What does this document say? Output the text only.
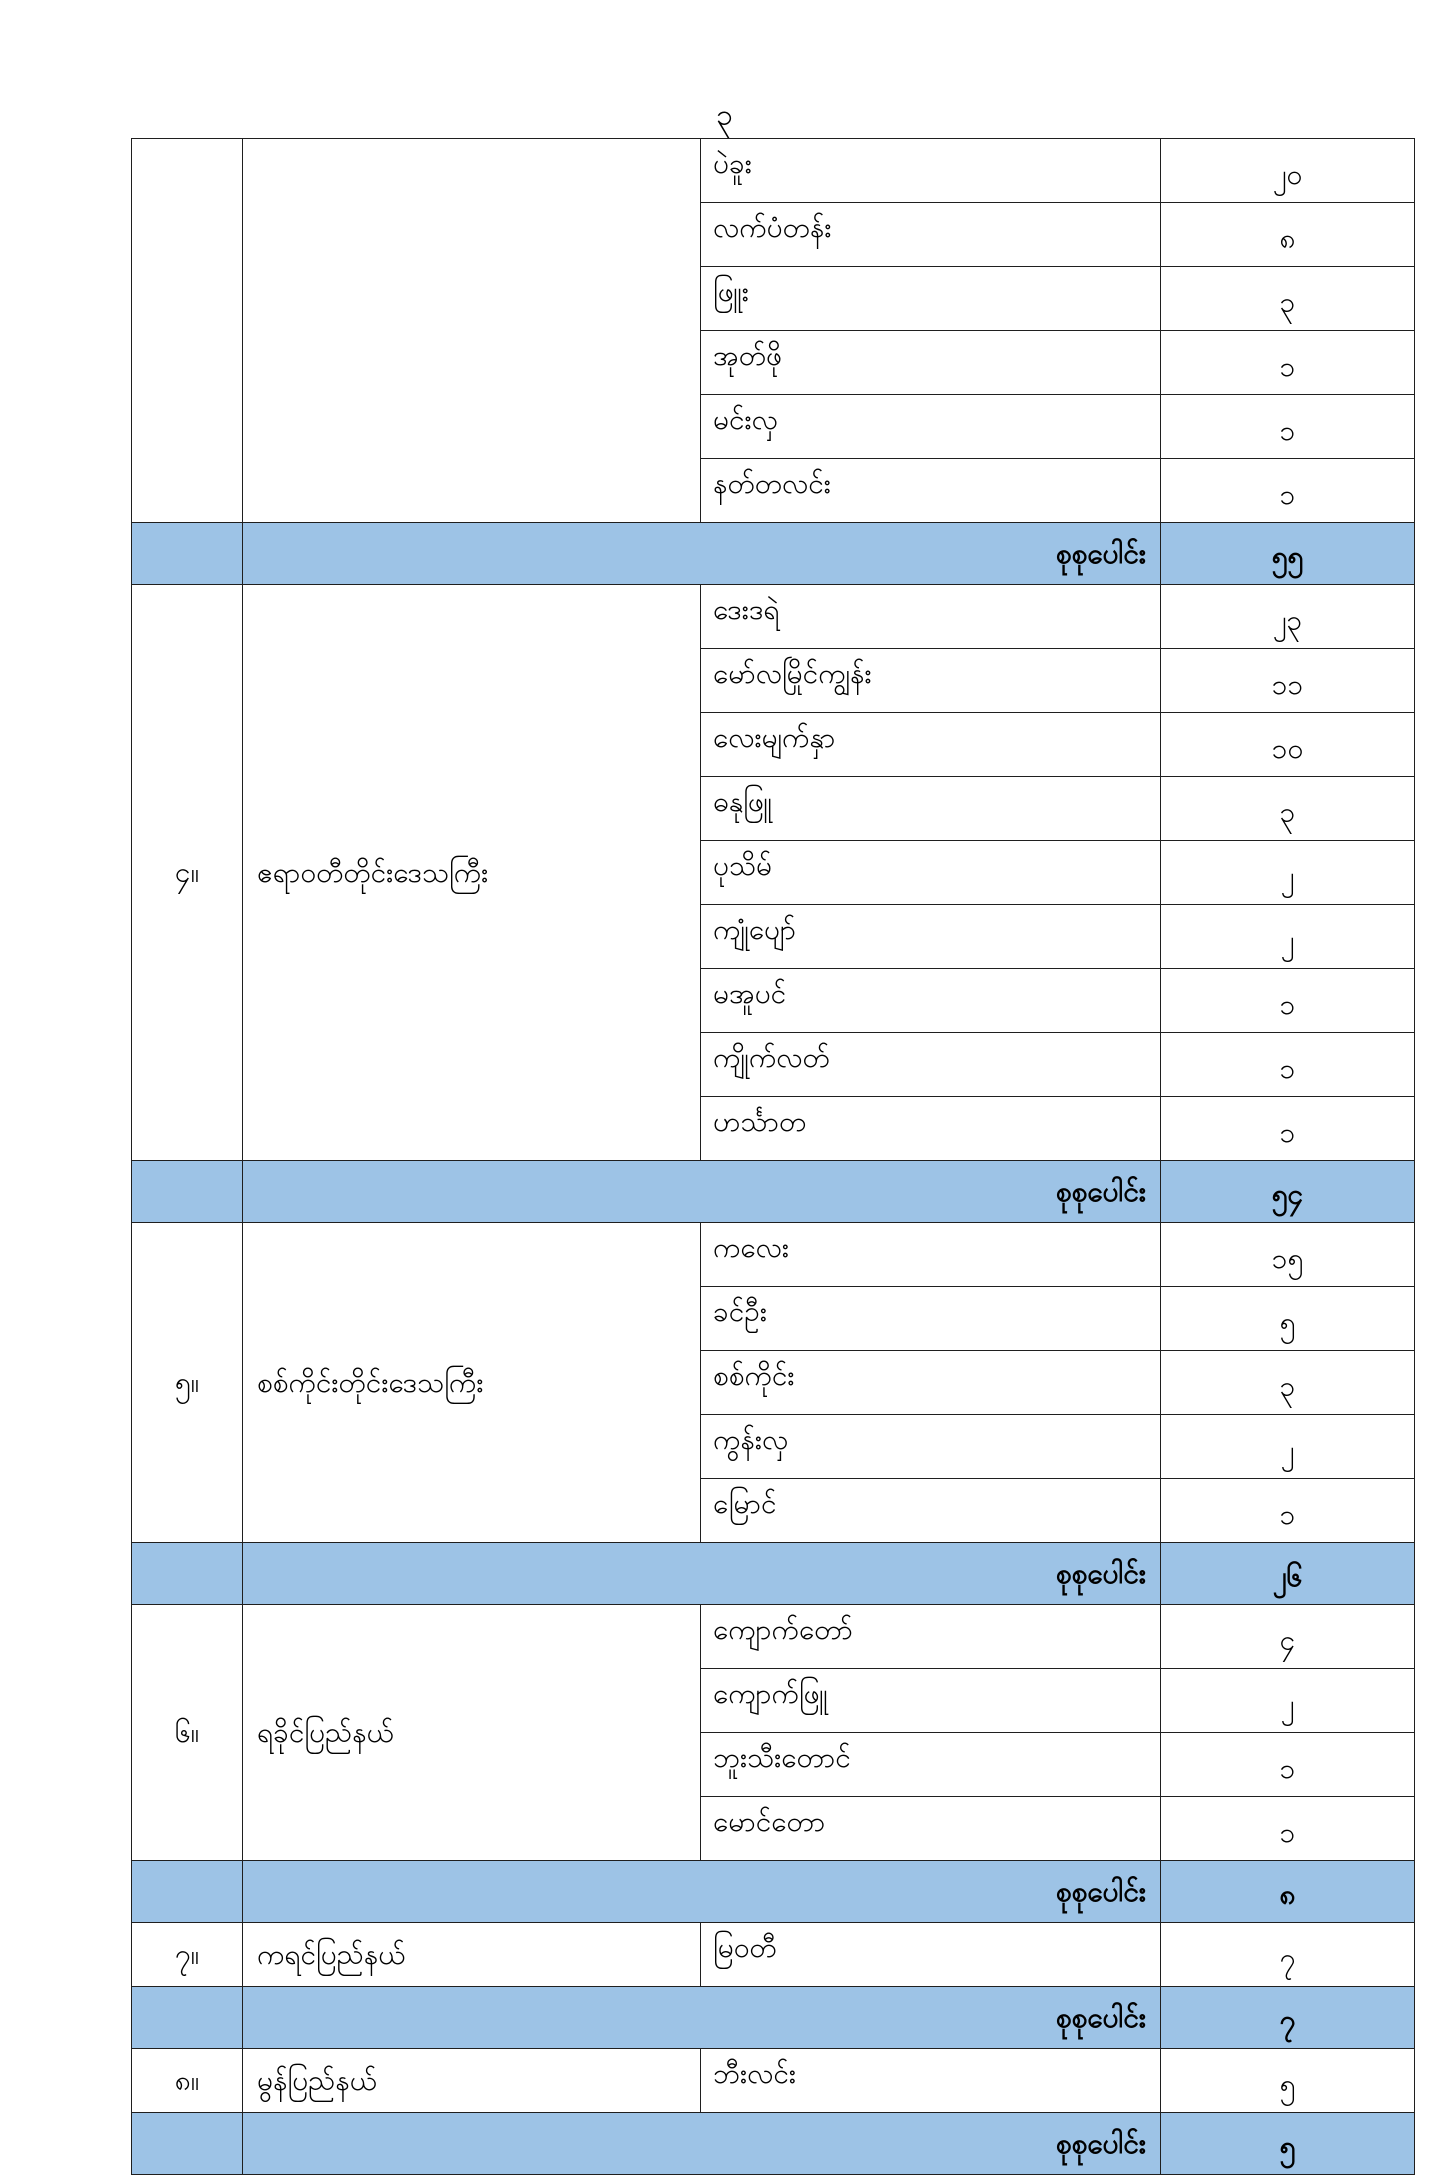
၃

		ပဲခူး	၂၀

		လက်ပံတန်း	၈

		ဖြူး	၃

		အုတ်ဖို	၁

		မင်းလှ	၁

		နတ်တလင်း	၁
	စုစုပေါင်း		၅၅
၄။	ဧရာဝတီတိုင်းဒေသကြီး	ဒေးဒရဲ	၂၃

		မော်လမြိုင်ကျွန်း	၁၁

		လေးမျက်နှာ	၁၀

		ဓနုဖြူ	၃

		ပုသိမ်	၂

		ကျုံပျော်	၂

		မအူပင်	၁

		ကျိုက်လတ်	၁

		ဟင်္သာတ	၁
	စုစုပေါင်း		၅၄
၅။	စစ်ကိုင်းတိုင်းဒေသကြီး	ကလေး	၁၅

		ခင်ဦး	၅

		စစ်ကိုင်း	၃

		ကွန်းလှ	၂

		မြောင်	၁
	စုစုပေါင်း		၂၆
၆။	ရခိုင်ပြည်နယ်	ကျောက်တော်	၄

		ကျောက်ဖြူ	၂

		ဘူးသီးတောင်	၁

		မောင်တော	၁
	စုစုပေါင်း		၈
၇။	ကရင်ပြည်နယ်	မြဝတီ	၇
	စုစုပေါင်း		၇
၈။	မွန်ပြည်နယ်	ဘီးလင်း	၅
	စုစုပေါင်း		၅
